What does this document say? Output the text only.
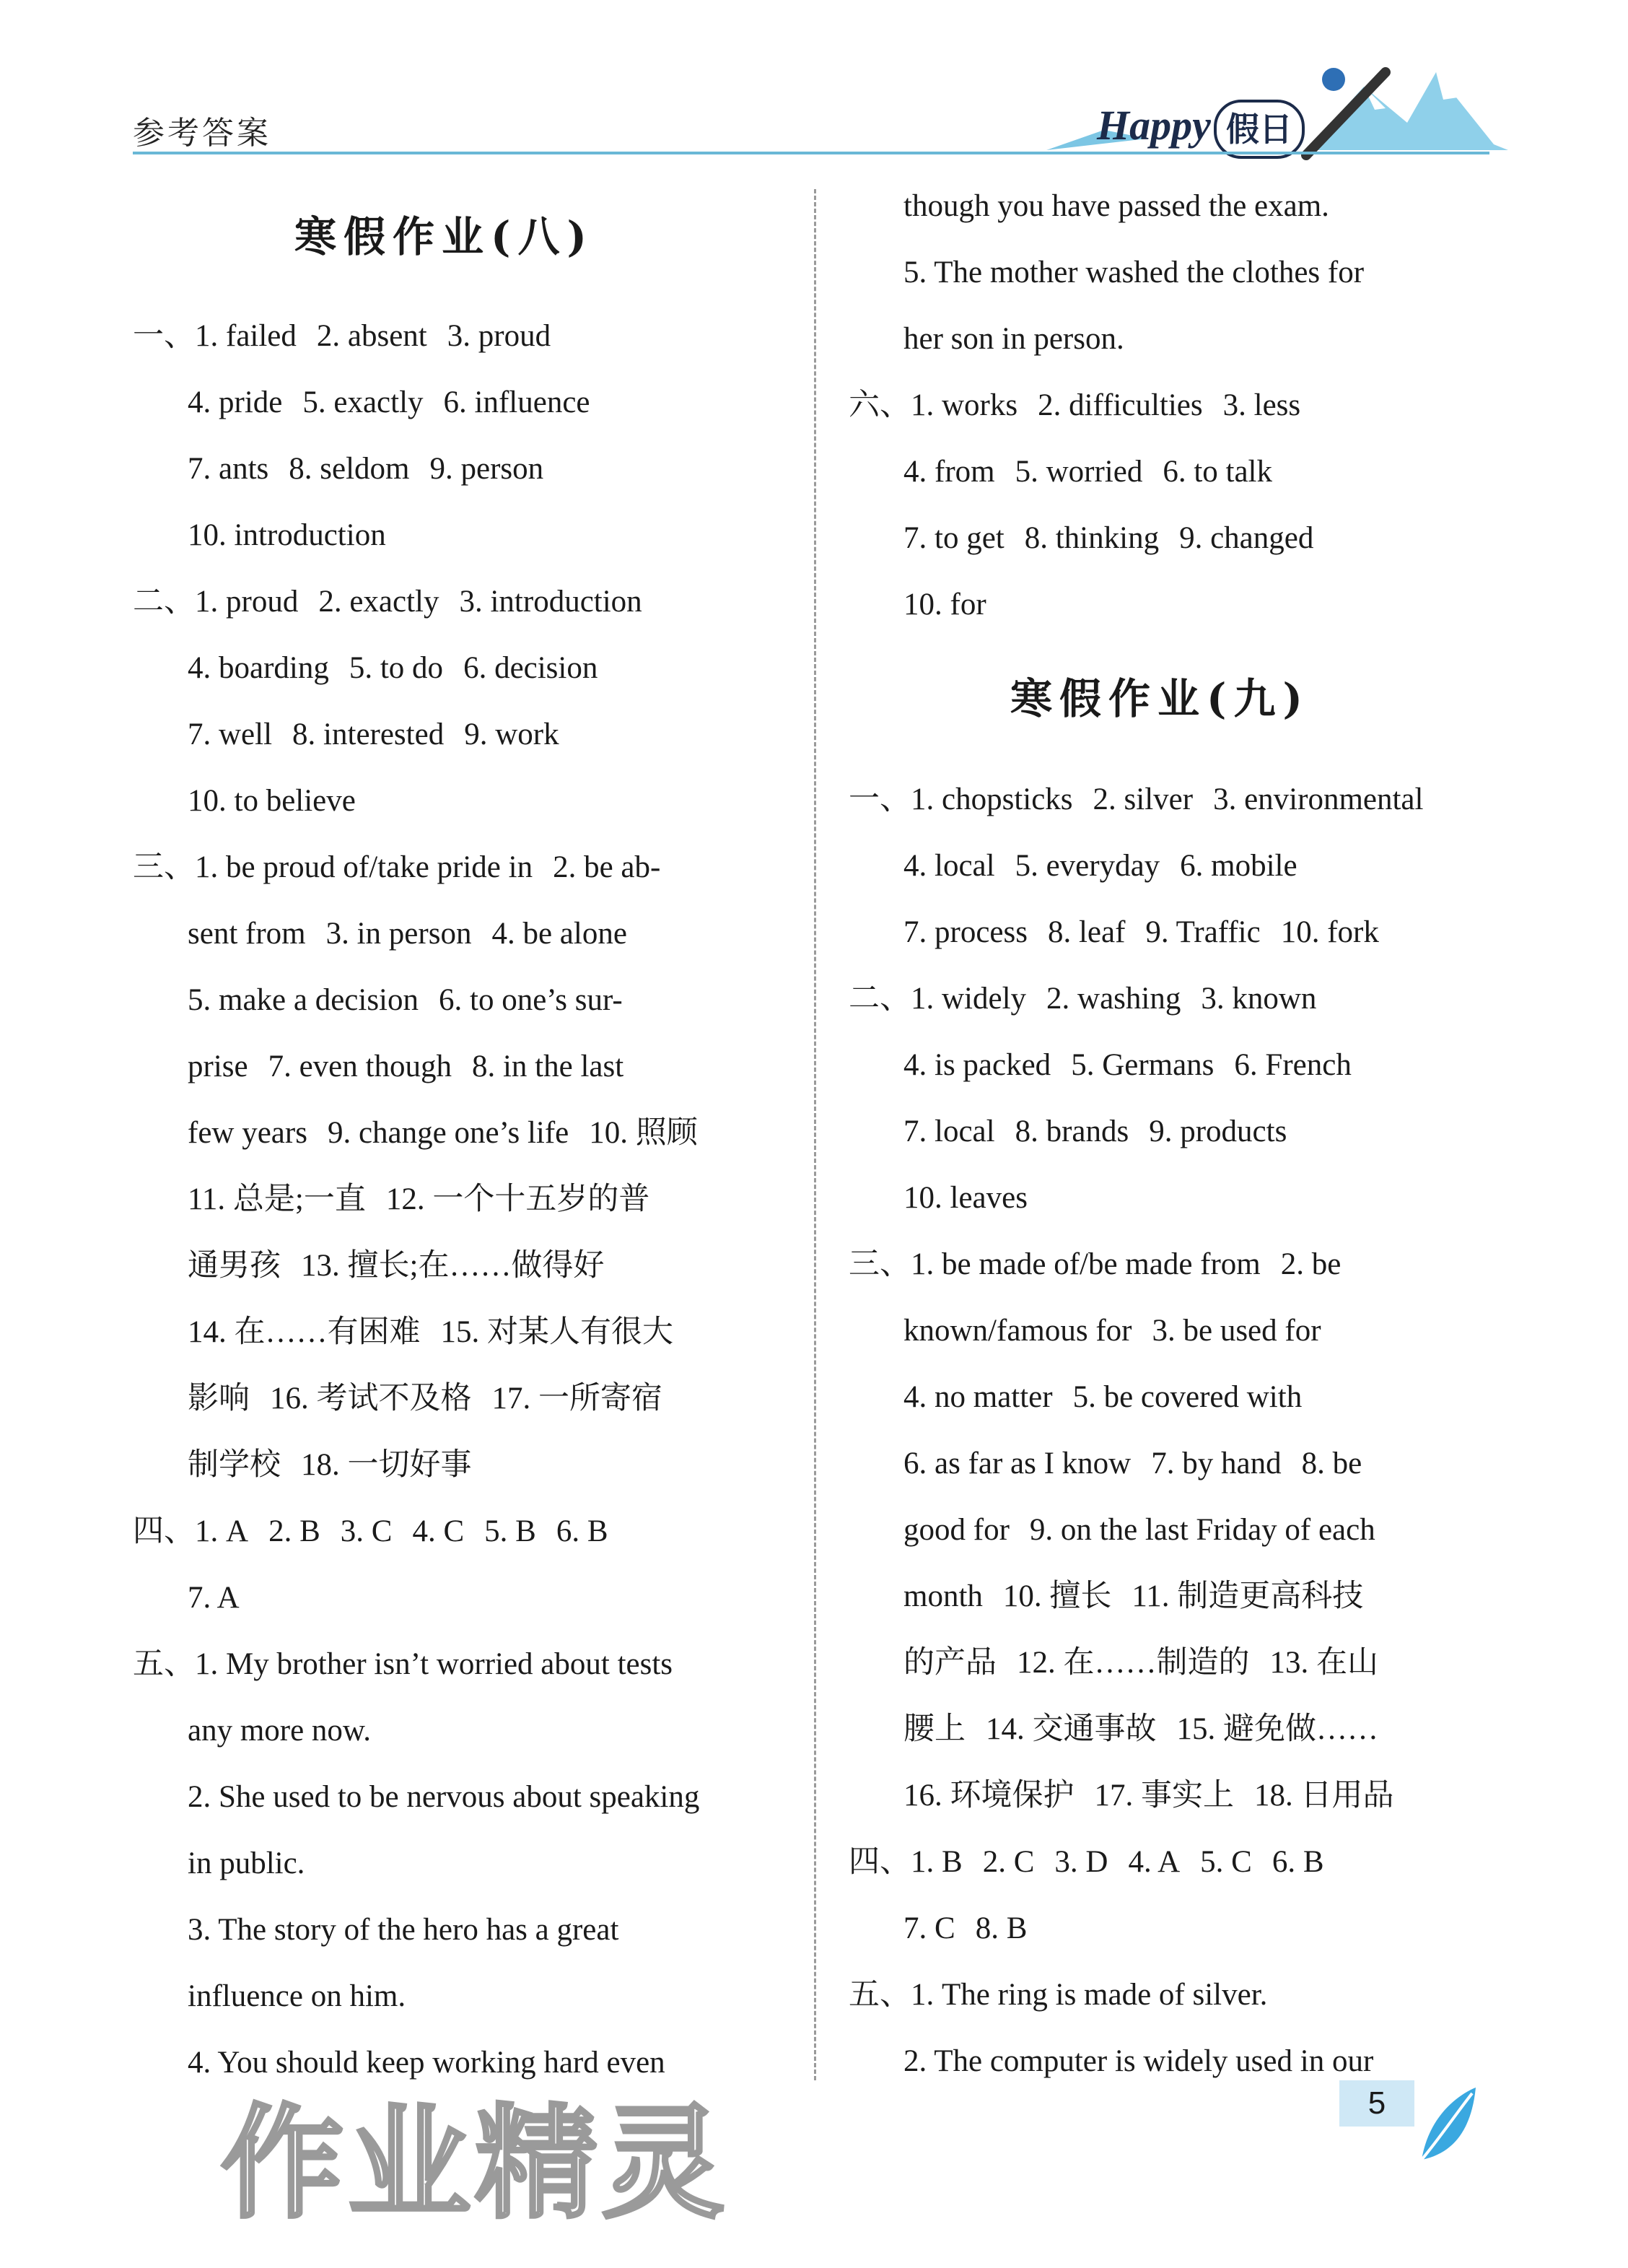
参考答案	Happy 假日
寒假作业(八)
一、1. failed 2. absent 3. proud
4. pride 5. exactly 6. influence
7. ants 8. seldom 9. person
10. introduction
二、1. proud 2. exactly 3. introduction
4. boarding 5. to do 6. decision
7. well 8. interested 9. work
10. to believe
三、1. be proud of/take pride in 2. be ab-
sent from 3. in person 4. be alone
5. make a decision 6. to one’s sur-
prise 7. even though 8. in the last
few years 9. change one’s life 10. 照顾
11. 总是;一直 12. 一个十五岁的普
通男孩 13. 擅长;在……做得好
14. 在……有困难 15. 对某人有很大
影响 16. 考试不及格 17. 一所寄宿
制学校 18. 一切好事
四、1. A 2. B 3. C 4. C 5. B 6. B
7. A
五、1. My brother isn’t worried about tests
any more now.
2. She used to be nervous about speaking
in public.
3. The story of the hero has a great
influence on him.
4. You should keep working hard even
寒假作业(九)
though you have passed the exam.
5. The mother washed the clothes for
her son in person.
六、1. works 2. difficulties 3. less
4. from 5. worried 6. to talk
7. to get 8. thinking 9. changed
10. for
一、1. chopsticks 2. silver 3. environmental
4. local 5. everyday 6. mobile
7. process 8. leaf 9. Traffic 10. fork
二、1. widely 2. washing 3. known
4. is packed 5. Germans 6. French
7. local 8. brands 9. products
10. leaves
三、1. be made of/be made from 2. be
known/famous for 3. be used for
4. no matter 5. be covered with
6. as far as I know 7. by hand 8. be
good for 9. on the last Friday of each
month 10. 擅长 11. 制造更高科技
的产品 12. 在……制造的 13. 在山
腰上 14. 交通事故 15. 避免做……
16. 环境保护 17. 事实上 18. 日用品
四、1. B 2. C 3. D 4. A 5. C 6. B
7. C 8. B
五、1. The ring is made of silver.
2. The computer is widely used in our
5
作业精灵
